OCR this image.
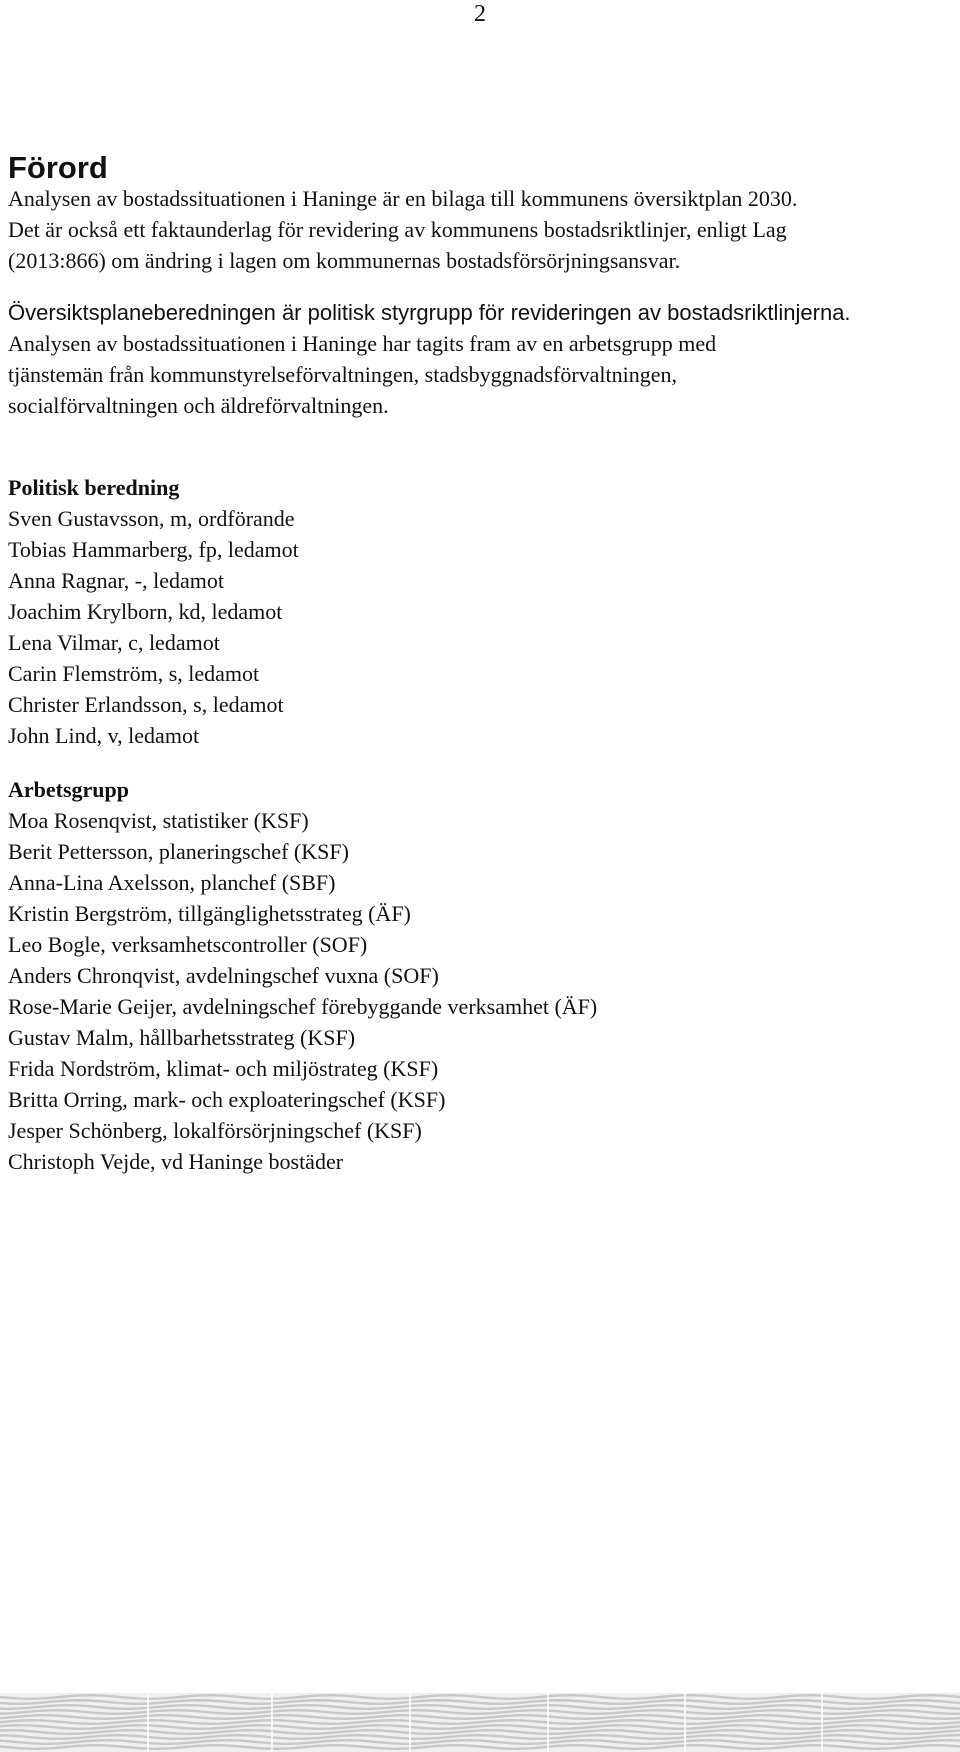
2
Förord

Analysen av bostadssituationen i Haninge är en bilaga till kommunens översiktplan 2030.
Det är också ett faktaunderlag för revidering av kommunens bostadsriktlinjer, enligt Lag
(2013:866) om ändring i lagen om kommunernas bostadsförsörjningsansvar.

Översiktsplaneberedningen är politisk styrgrupp för revideringen av bostadsriktlinjerna.
Analysen av bostadssituationen i Haninge har tagits fram av en arbetsgrupp med
tjänstemän från kommunstyrelseförvaltningen, stadsbyggnadsförvaltningen,
socialförvaltningen och äldreförvaltningen.

Politisk beredning
Sven Gustavsson, m, ordförande
Tobias Hammarberg, fp, ledamot
Anna Ragnar, -, ledamot
Joachim Krylborn, kd, ledamot
Lena Vilmar, c, ledamot
Carin Flemström, s, ledamot
Christer Erlandsson, s, ledamot
John Lind, v, ledamot
Arbetsgrupp
Moa Rosenqvist, statistiker (KSF)
Berit Pettersson, planeringschef (KSF)
Anna-Lina Axelsson, planchef (SBF)
Kristin Bergström, tillgänglighetsstrateg (ÄF)
Leo Bogle, verksamhetscontroller (SOF)
Anders Chronqvist, avdelningschef vuxna (SOF)
Rose-Marie Geijer, avdelningschef förebyggande verksamhet (ÄF)
Gustav Malm, hållbarhetsstrateg (KSF)
Frida Nordström, klimat- och miljöstrateg (KSF)
Britta Orring, mark- och exploateringschef (KSF)
Jesper Schönberg, lokalförsörjningschef (KSF)
Christoph Vejde, vd Haninge bostäder
